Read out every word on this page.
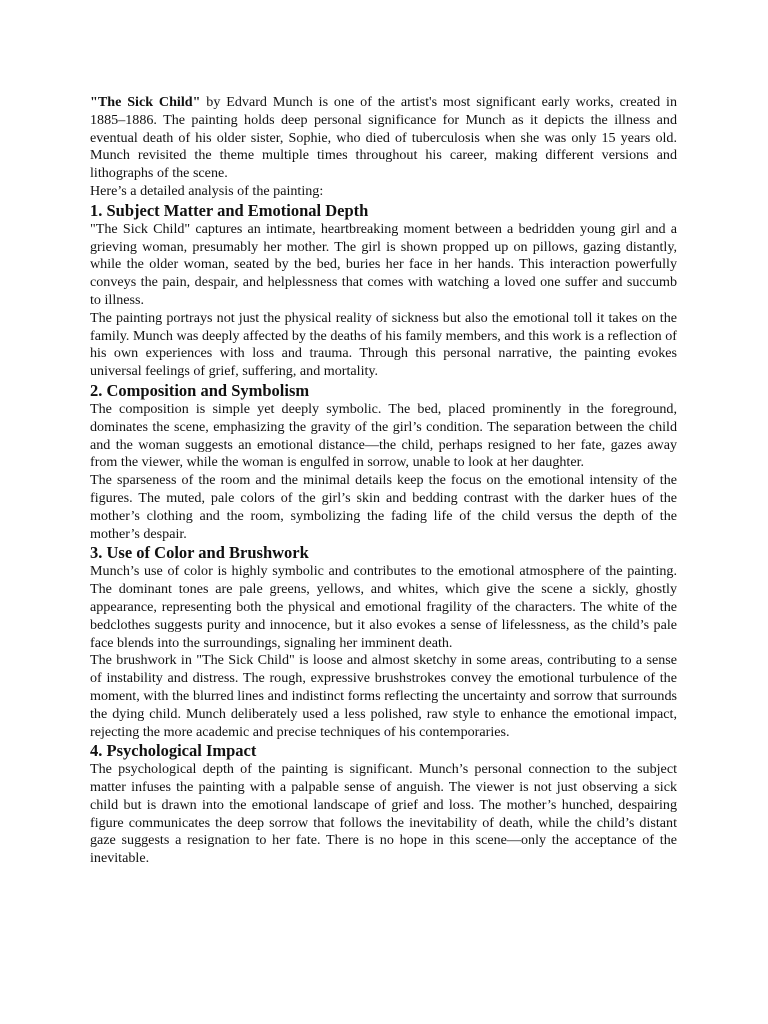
"The Sick Child" by Edvard Munch is one of the artist's most significant early works, created in 1885–1886. The painting holds deep personal significance for Munch as it depicts the illness and eventual death of his older sister, Sophie, who died of tuberculosis when she was only 15 years old. Munch revisited the theme multiple times throughout his career, making different versions and lithographs of the scene.

Here’s a detailed analysis of the painting:

1. Subject Matter and Emotional Depth

"The Sick Child" captures an intimate, heartbreaking moment between a bedridden young girl and a grieving woman, presumably her mother. The girl is shown propped up on pillows, gazing distantly, while the older woman, seated by the bed, buries her face in her hands. This interaction powerfully conveys the pain, despair, and helplessness that comes with watching a loved one suffer and succumb to illness.

The painting portrays not just the physical reality of sickness but also the emotional toll it takes on the family. Munch was deeply affected by the deaths of his family members, and this work is a reflection of his own experiences with loss and trauma. Through this personal narrative, the painting evokes universal feelings of grief, suffering, and mortality.

2. Composition and Symbolism

The composition is simple yet deeply symbolic. The bed, placed prominently in the foreground, dominates the scene, emphasizing the gravity of the girl’s condition. The separation between the child and the woman suggests an emotional distance—the child, perhaps resigned to her fate, gazes away from the viewer, while the woman is engulfed in sorrow, unable to look at her daughter.

The sparseness of the room and the minimal details keep the focus on the emotional intensity of the figures. The muted, pale colors of the girl’s skin and bedding contrast with the darker hues of the mother’s clothing and the room, symbolizing the fading life of the child versus the depth of the mother’s despair.

3. Use of Color and Brushwork

Munch’s use of color is highly symbolic and contributes to the emotional atmosphere of the painting. The dominant tones are pale greens, yellows, and whites, which give the scene a sickly, ghostly appearance, representing both the physical and emotional fragility of the characters. The white of the bedclothes suggests purity and innocence, but it also evokes a sense of lifelessness, as the child’s pale face blends into the surroundings, signaling her imminent death.

The brushwork in "The Sick Child" is loose and almost sketchy in some areas, contributing to a sense of instability and distress. The rough, expressive brushstrokes convey the emotional turbulence of the moment, with the blurred lines and indistinct forms reflecting the uncertainty and sorrow that surrounds the dying child. Munch deliberately used a less polished, raw style to enhance the emotional impact, rejecting the more academic and precise techniques of his contemporaries.

4. Psychological Impact

The psychological depth of the painting is significant. Munch’s personal connection to the subject matter infuses the painting with a palpable sense of anguish. The viewer is not just observing a sick child but is drawn into the emotional landscape of grief and loss. The mother’s hunched, despairing figure communicates the deep sorrow that follows the inevitability of death, while the child’s distant gaze suggests a resignation to her fate. There is no hope in this scene—only the acceptance of the inevitable.
